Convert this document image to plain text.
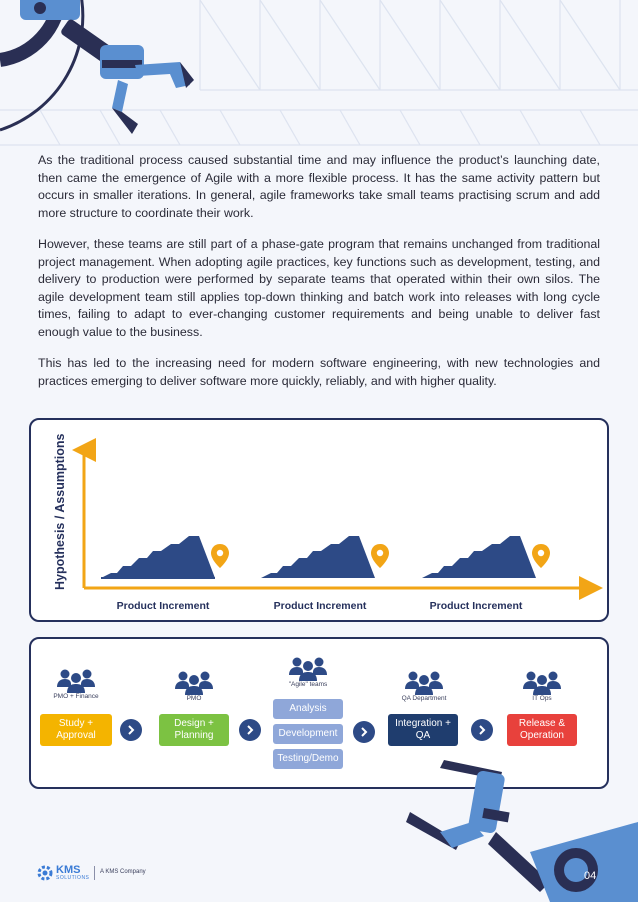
As the traditional process caused substantial time and may influence the product’s launching date, then came the emergence of Agile with a more flexible process. It has the same activity pattern but occurs in smaller iterations. In general, agile frameworks take small teams practising scrum and add more structure to coordinate their work.

However, these teams are still part of a phase-gate program that remains unchanged from traditional project management. When adopting agile practices, key functions such as development, testing, and delivery to production were performed by separate teams that operated within their own silos. The agile development team still applies top-down thinking and batch work into releases with long cycle times, failing to adapt to ever-changing customer requirements and being unable to deliver fast enough value to the business.

This has led to the increasing need for modern software engineering, with new technologies and practices emerging to deliver software more quickly, reliably, and with higher quality.

Hypothesis / Assumptions
Product Increment	Product Increment	Product Increment
PMO + Finance
Study +
Approval
PMO
Design +
Planning
"Agile" teams
Analysis
Development
Testing/Demo
QA Department
Integration +
QA
IT Ops
Release &
Operation
KMS
SOLUTIONS
A KMS Company	04
